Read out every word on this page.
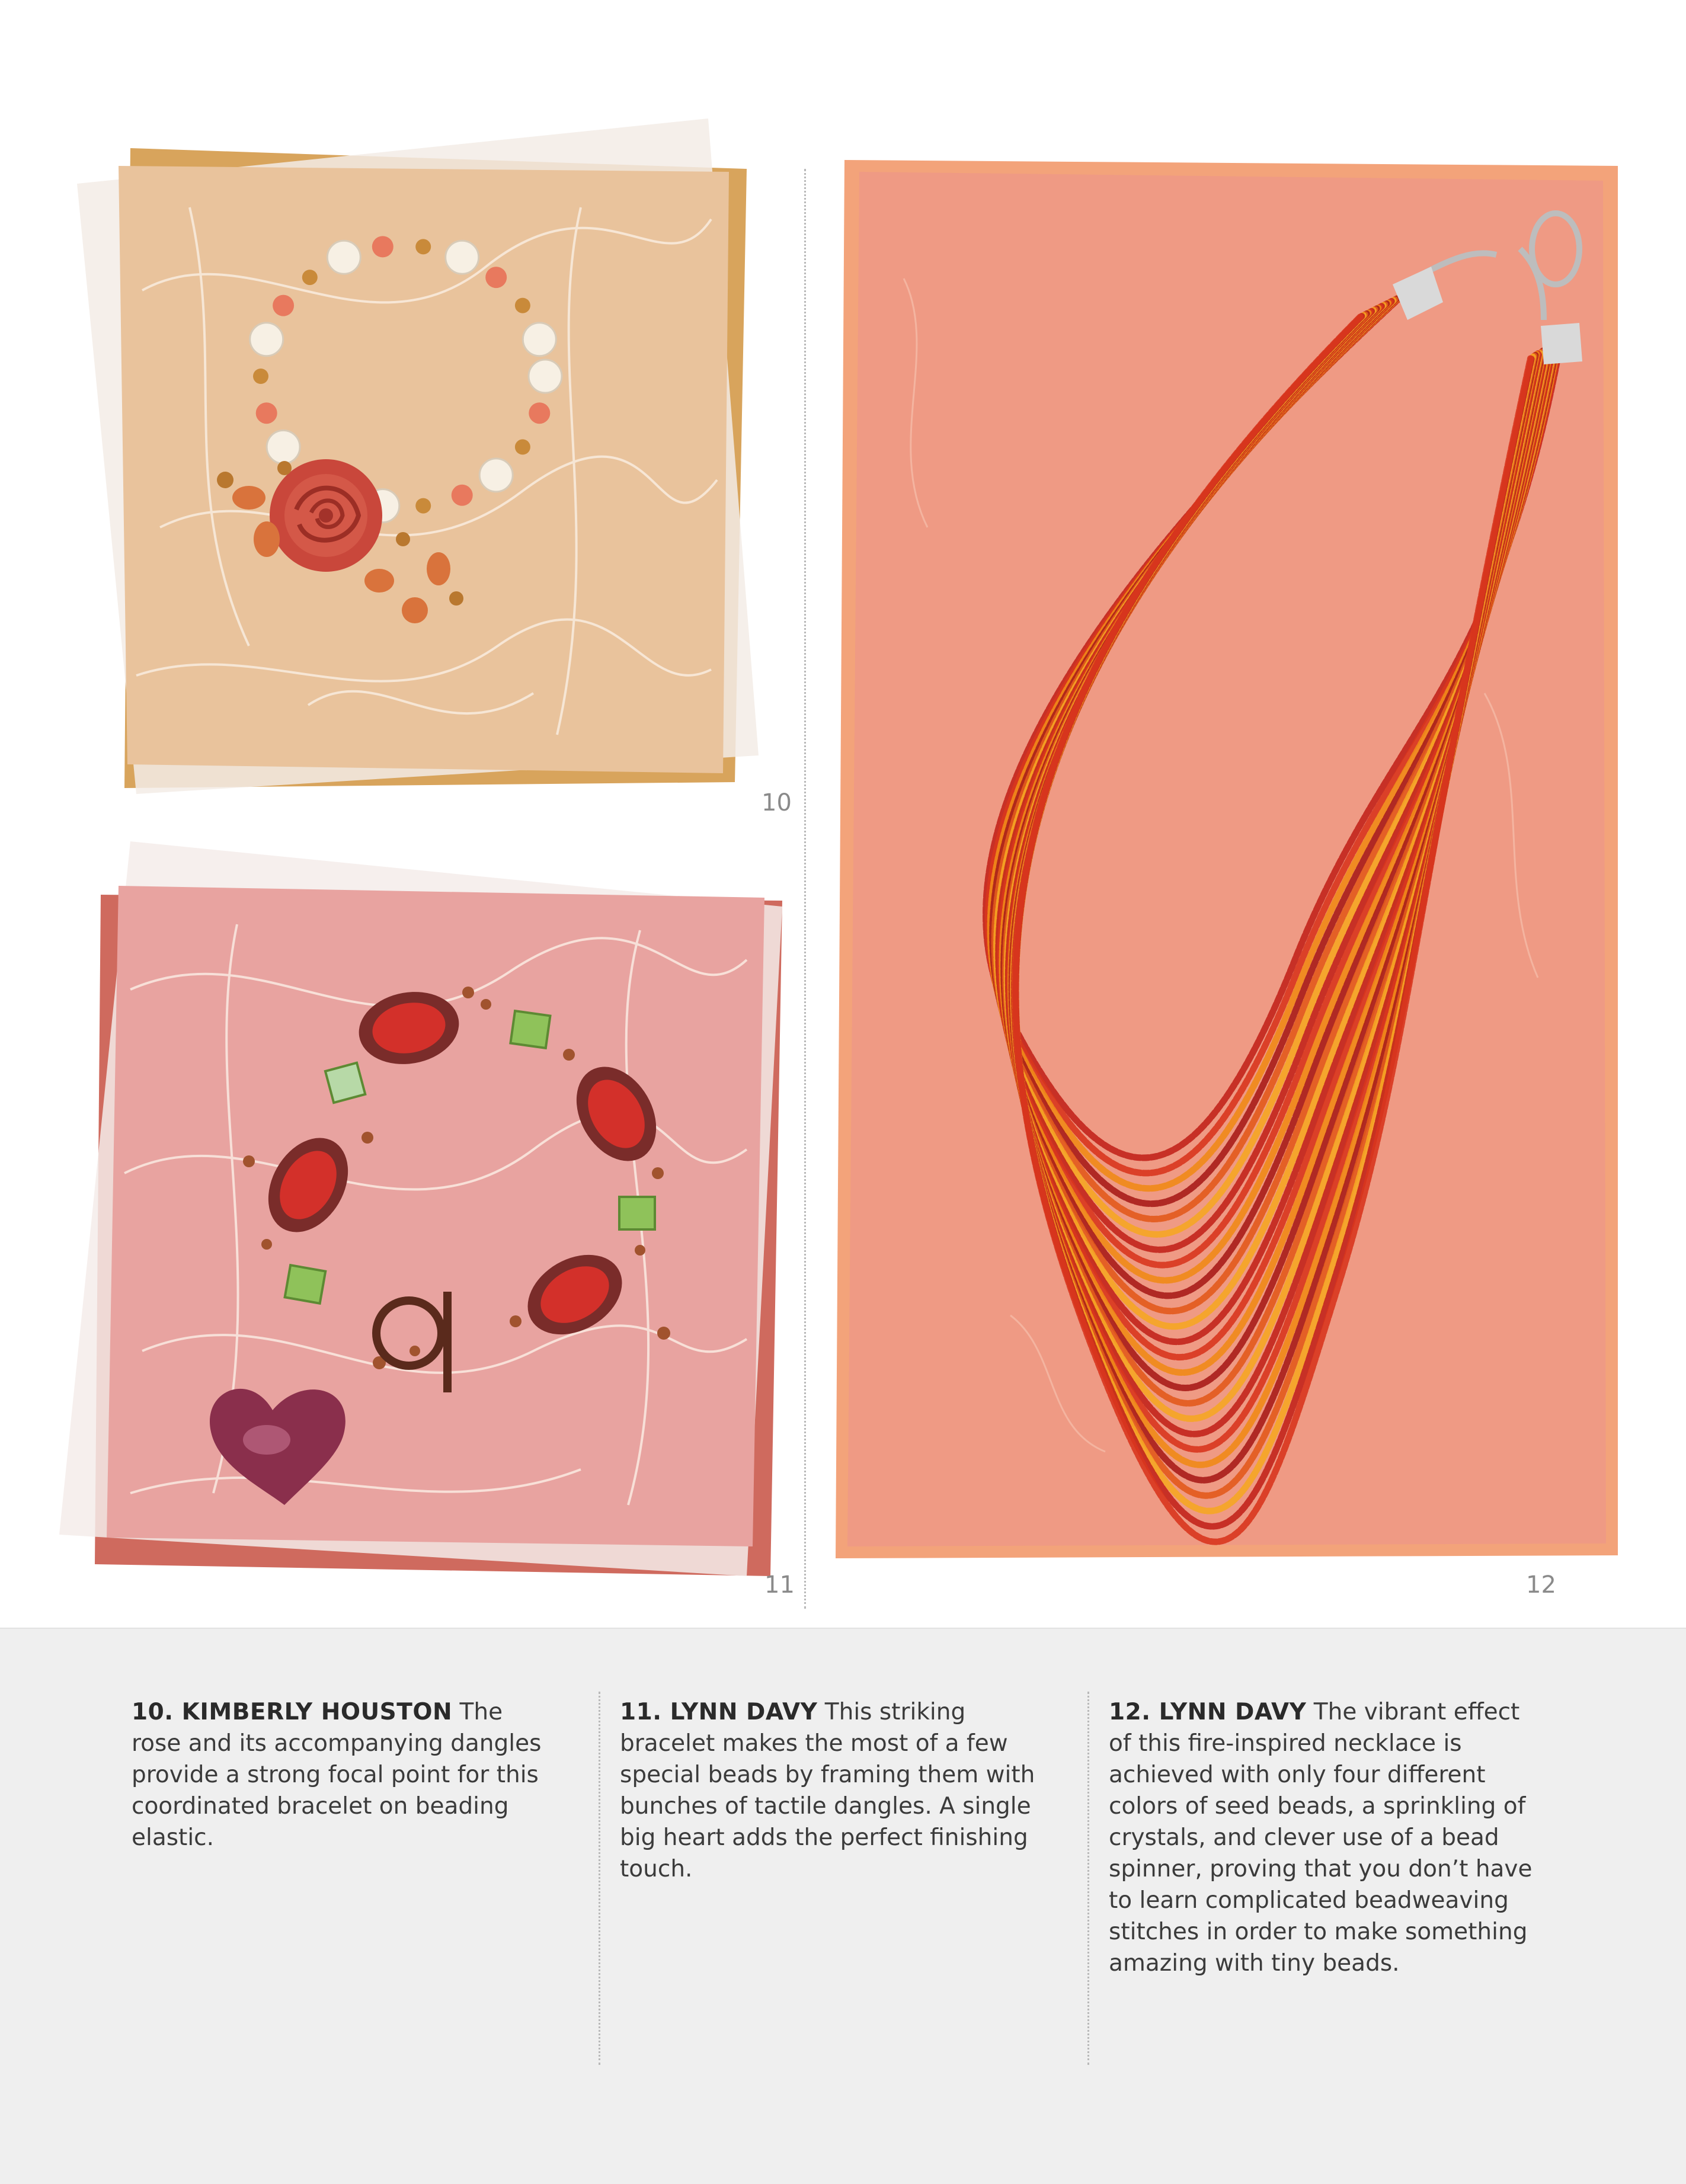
10
11	12
10. KIMBERLY HOUSTON The rose and its accompanying dangles provide a strong focal point for this coordinated bracelet on beading elastic.
11. LYNN DAVY This striking bracelet makes the most of a few special beads by framing them with bunches of tactile dangles. A single big heart adds the perfect finishing touch.
12. LYNN DAVY The vibrant effect of this fire-inspired necklace is achieved with only four different colors of seed beads, a sprinkling of crystals, and clever use of a bead spinner, proving that you don’t have to learn complicated beadweaving stitches in order to make something amazing with tiny beads.
